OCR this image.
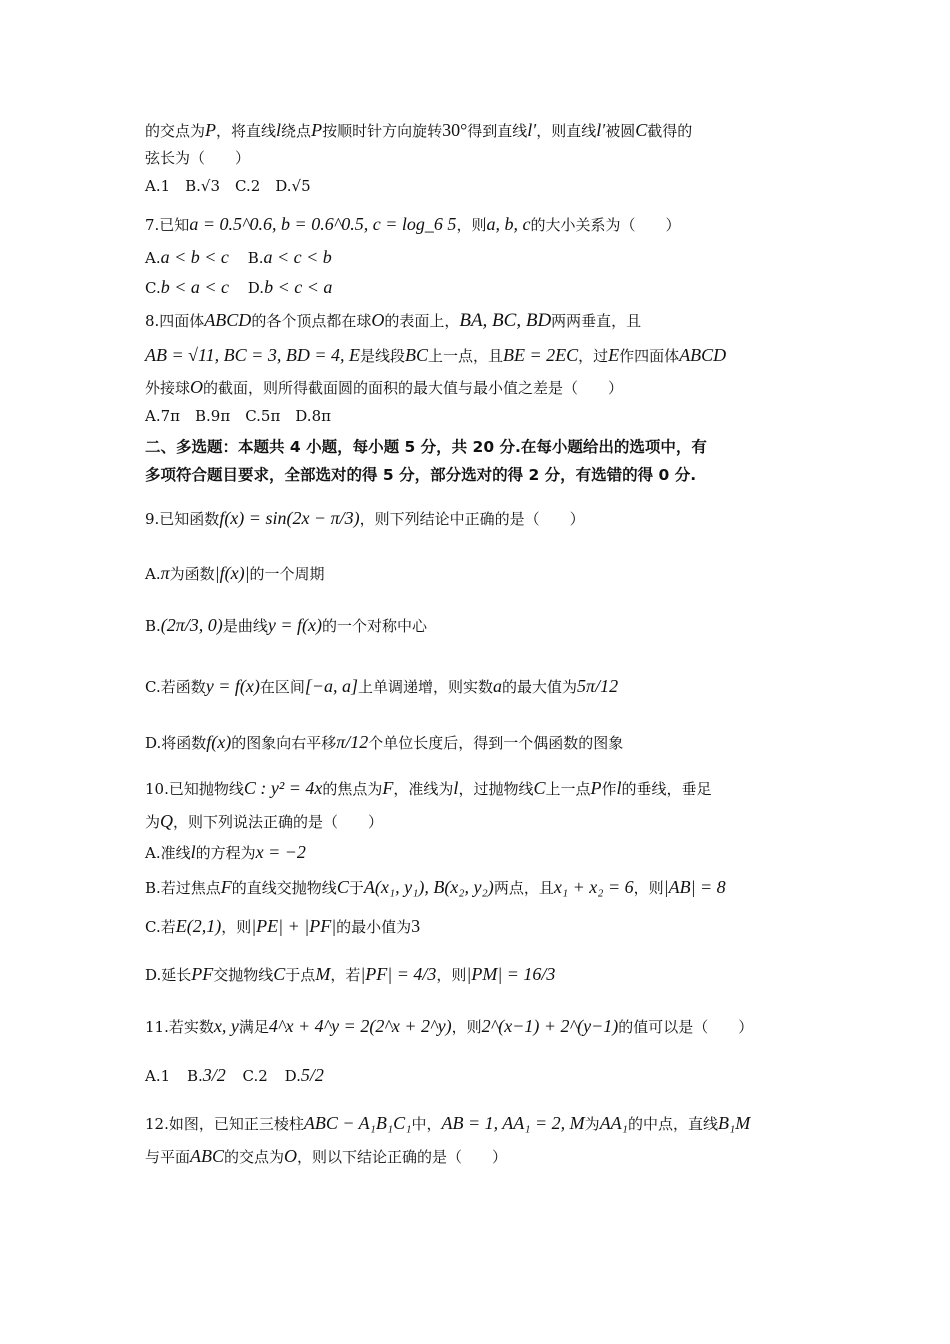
的交点为P，将直线l绕点P按顺时针方向旋转30°得到直线l′，则直线l′被圆C截得的
弦长为（　　）
A.1　B.√3　C.2　D.√5
7.已知a = 0.5^0.6, b = 0.6^0.5, c = log_6 5，则a, b, c的大小关系为（　　）
A.a < b < c B.a < c < b
C.b < a < c D.b < c < a
8.四面体ABCD的各个顶点都在球O的表面上，BA, BC, BD两两垂直，且
AB = √11, BC = 3, BD = 4, E是线段BC上一点，且BE = 2EC，过E作四面体ABCD
外接球O的截面，则所得截面圆的面积的最大值与最小值之差是（　　）
A.7π　B.9π　C.5π　D.8π
二、多选题：本题共 4 小题，每小题 5 分，共 20 分.在每小题给出的选项中，有
多项符合题目要求，全部选对的得 5 分，部分选对的得 2 分，有选错的得 0 分.
9.已知函数f(x) = sin(2x − π/3)，则下列结论中正确的是（　　）
A.π为函数|f(x)|的一个周期
B.(2π/3, 0)是曲线y = f(x)的一个对称中心
C.若函数y = f(x)在区间[−a, a]上单调递增，则实数a的最大值为5π/12
D.将函数f(x)的图象向右平移π/12个单位长度后，得到一个偶函数的图象
10.已知抛物线C : y² = 4x的焦点为F，准线为l，过抛物线C上一点P作l的垂线，垂足
为Q，则下列说法正确的是（　　）
A.准线l的方程为x = −2
B.若过焦点F的直线交抛物线C于A(x₁, y₁), B(x₂, y₂)两点，且x₁ + x₂ = 6，则|AB| = 8
C.若E(2,1)，则|PE| + |PF|的最小值为3
D.延长PF交抛物线C于点M，若|PF| = 4/3，则|PM| = 16/3
11.若实数x, y满足4^x + 4^y = 2(2^x + 2^y)，则2^(x−1) + 2^(y−1)的值可以是（　　）
A.1 B.3/2 C.2 D.5/2
12.如图，已知正三棱柱ABC − A₁B₁C₁中，AB = 1, AA₁ = 2, M为AA₁的中点，直线B₁M
与平面ABC的交点为O，则以下结论正确的是（　　）
